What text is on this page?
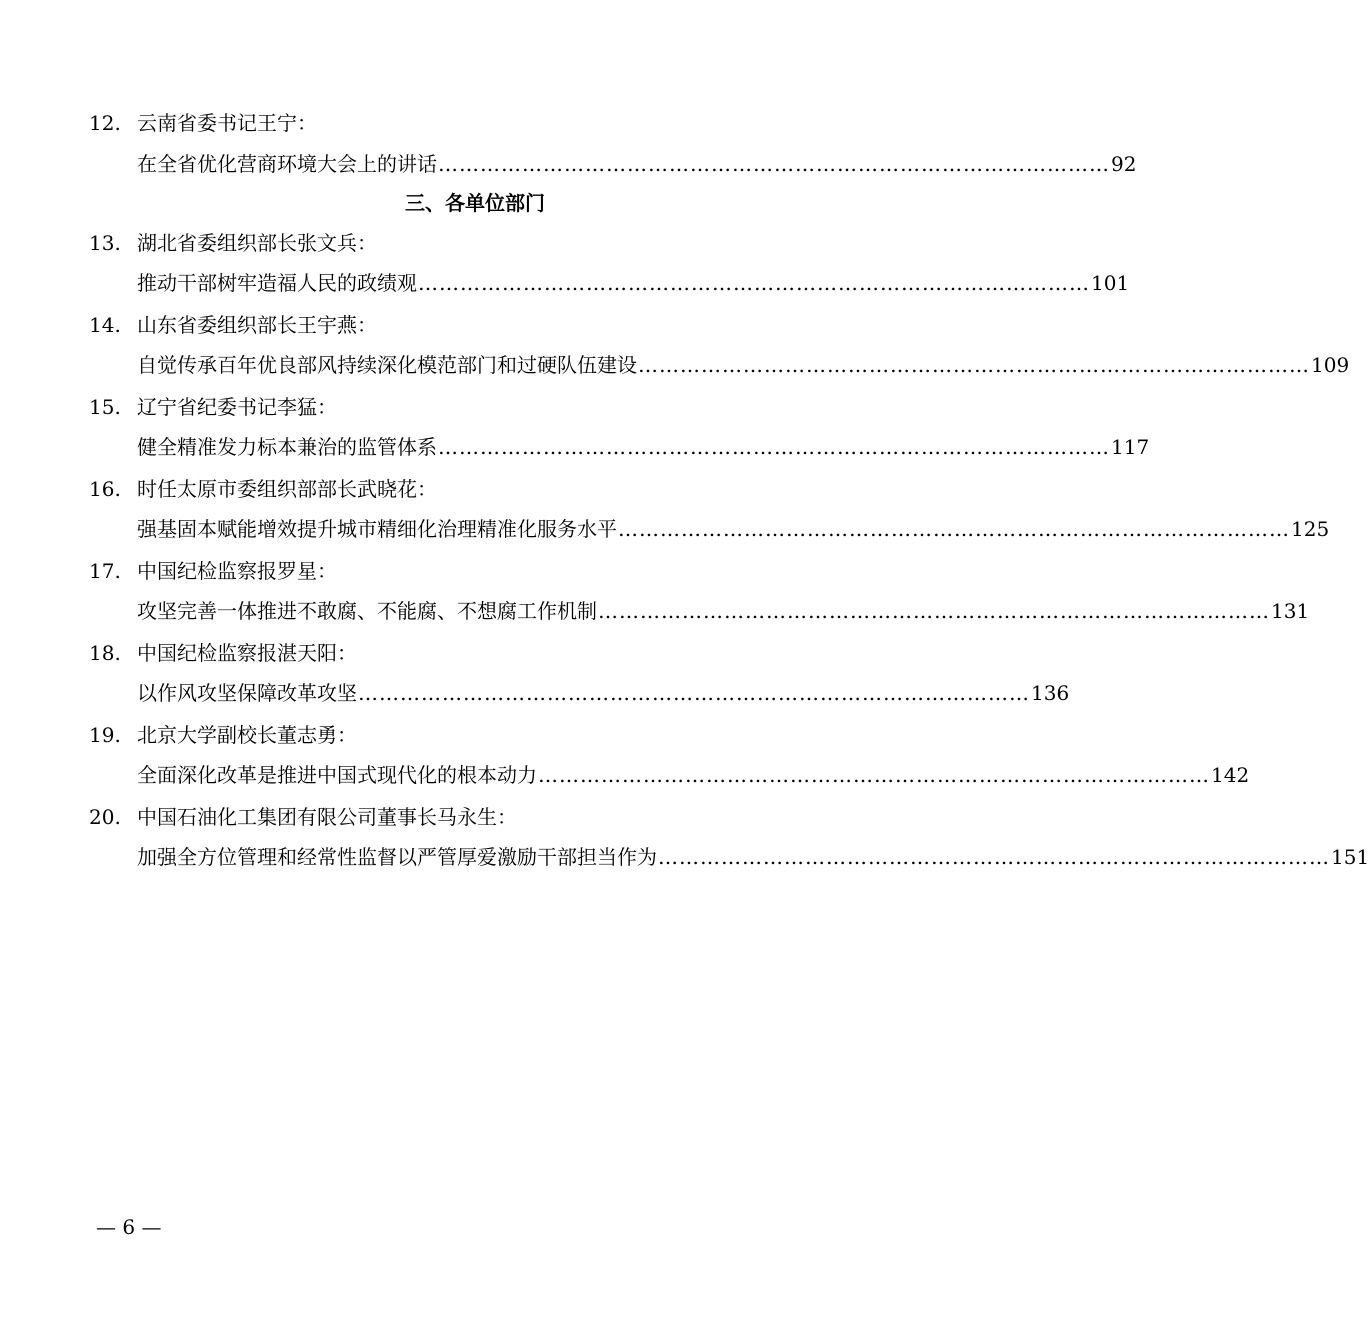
12. 云南省委书记王宁：
在全省优化营商环境大会上的讲话 …………………………………………………………………………………… 92
三、各单位部门
13. 湖北省委组织部长张文兵：
推动干部树牢造福人民的政绩观 …………………………………………………………………………………… 101
14. 山东省委组织部长王宇燕：
自觉传承百年优良部风持续深化模范部门和过硬队伍建设 …………………………………………………………………………………… 109
15. 辽宁省纪委书记李猛：
健全精准发力标本兼治的监管体系 …………………………………………………………………………………… 117
16. 时任太原市委组织部部长武晓花：
强基固本赋能增效提升城市精细化治理精准化服务水平 …………………………………………………………………………………… 125
17. 中国纪检监察报罗星：
攻坚完善一体推进不敢腐、不能腐、不想腐工作机制 …………………………………………………………………………………… 131
18. 中国纪检监察报湛天阳：
以作风攻坚保障改革攻坚 …………………………………………………………………………………… 136
19. 北京大学副校长董志勇：
全面深化改革是推进中国式现代化的根本动力 …………………………………………………………………………………… 142
20. 中国石油化工集团有限公司董事长马永生：
加强全方位管理和经常性监督以严管厚爱激励干部担当作为 …………………………………………………………………………………… 151
— 6 —
